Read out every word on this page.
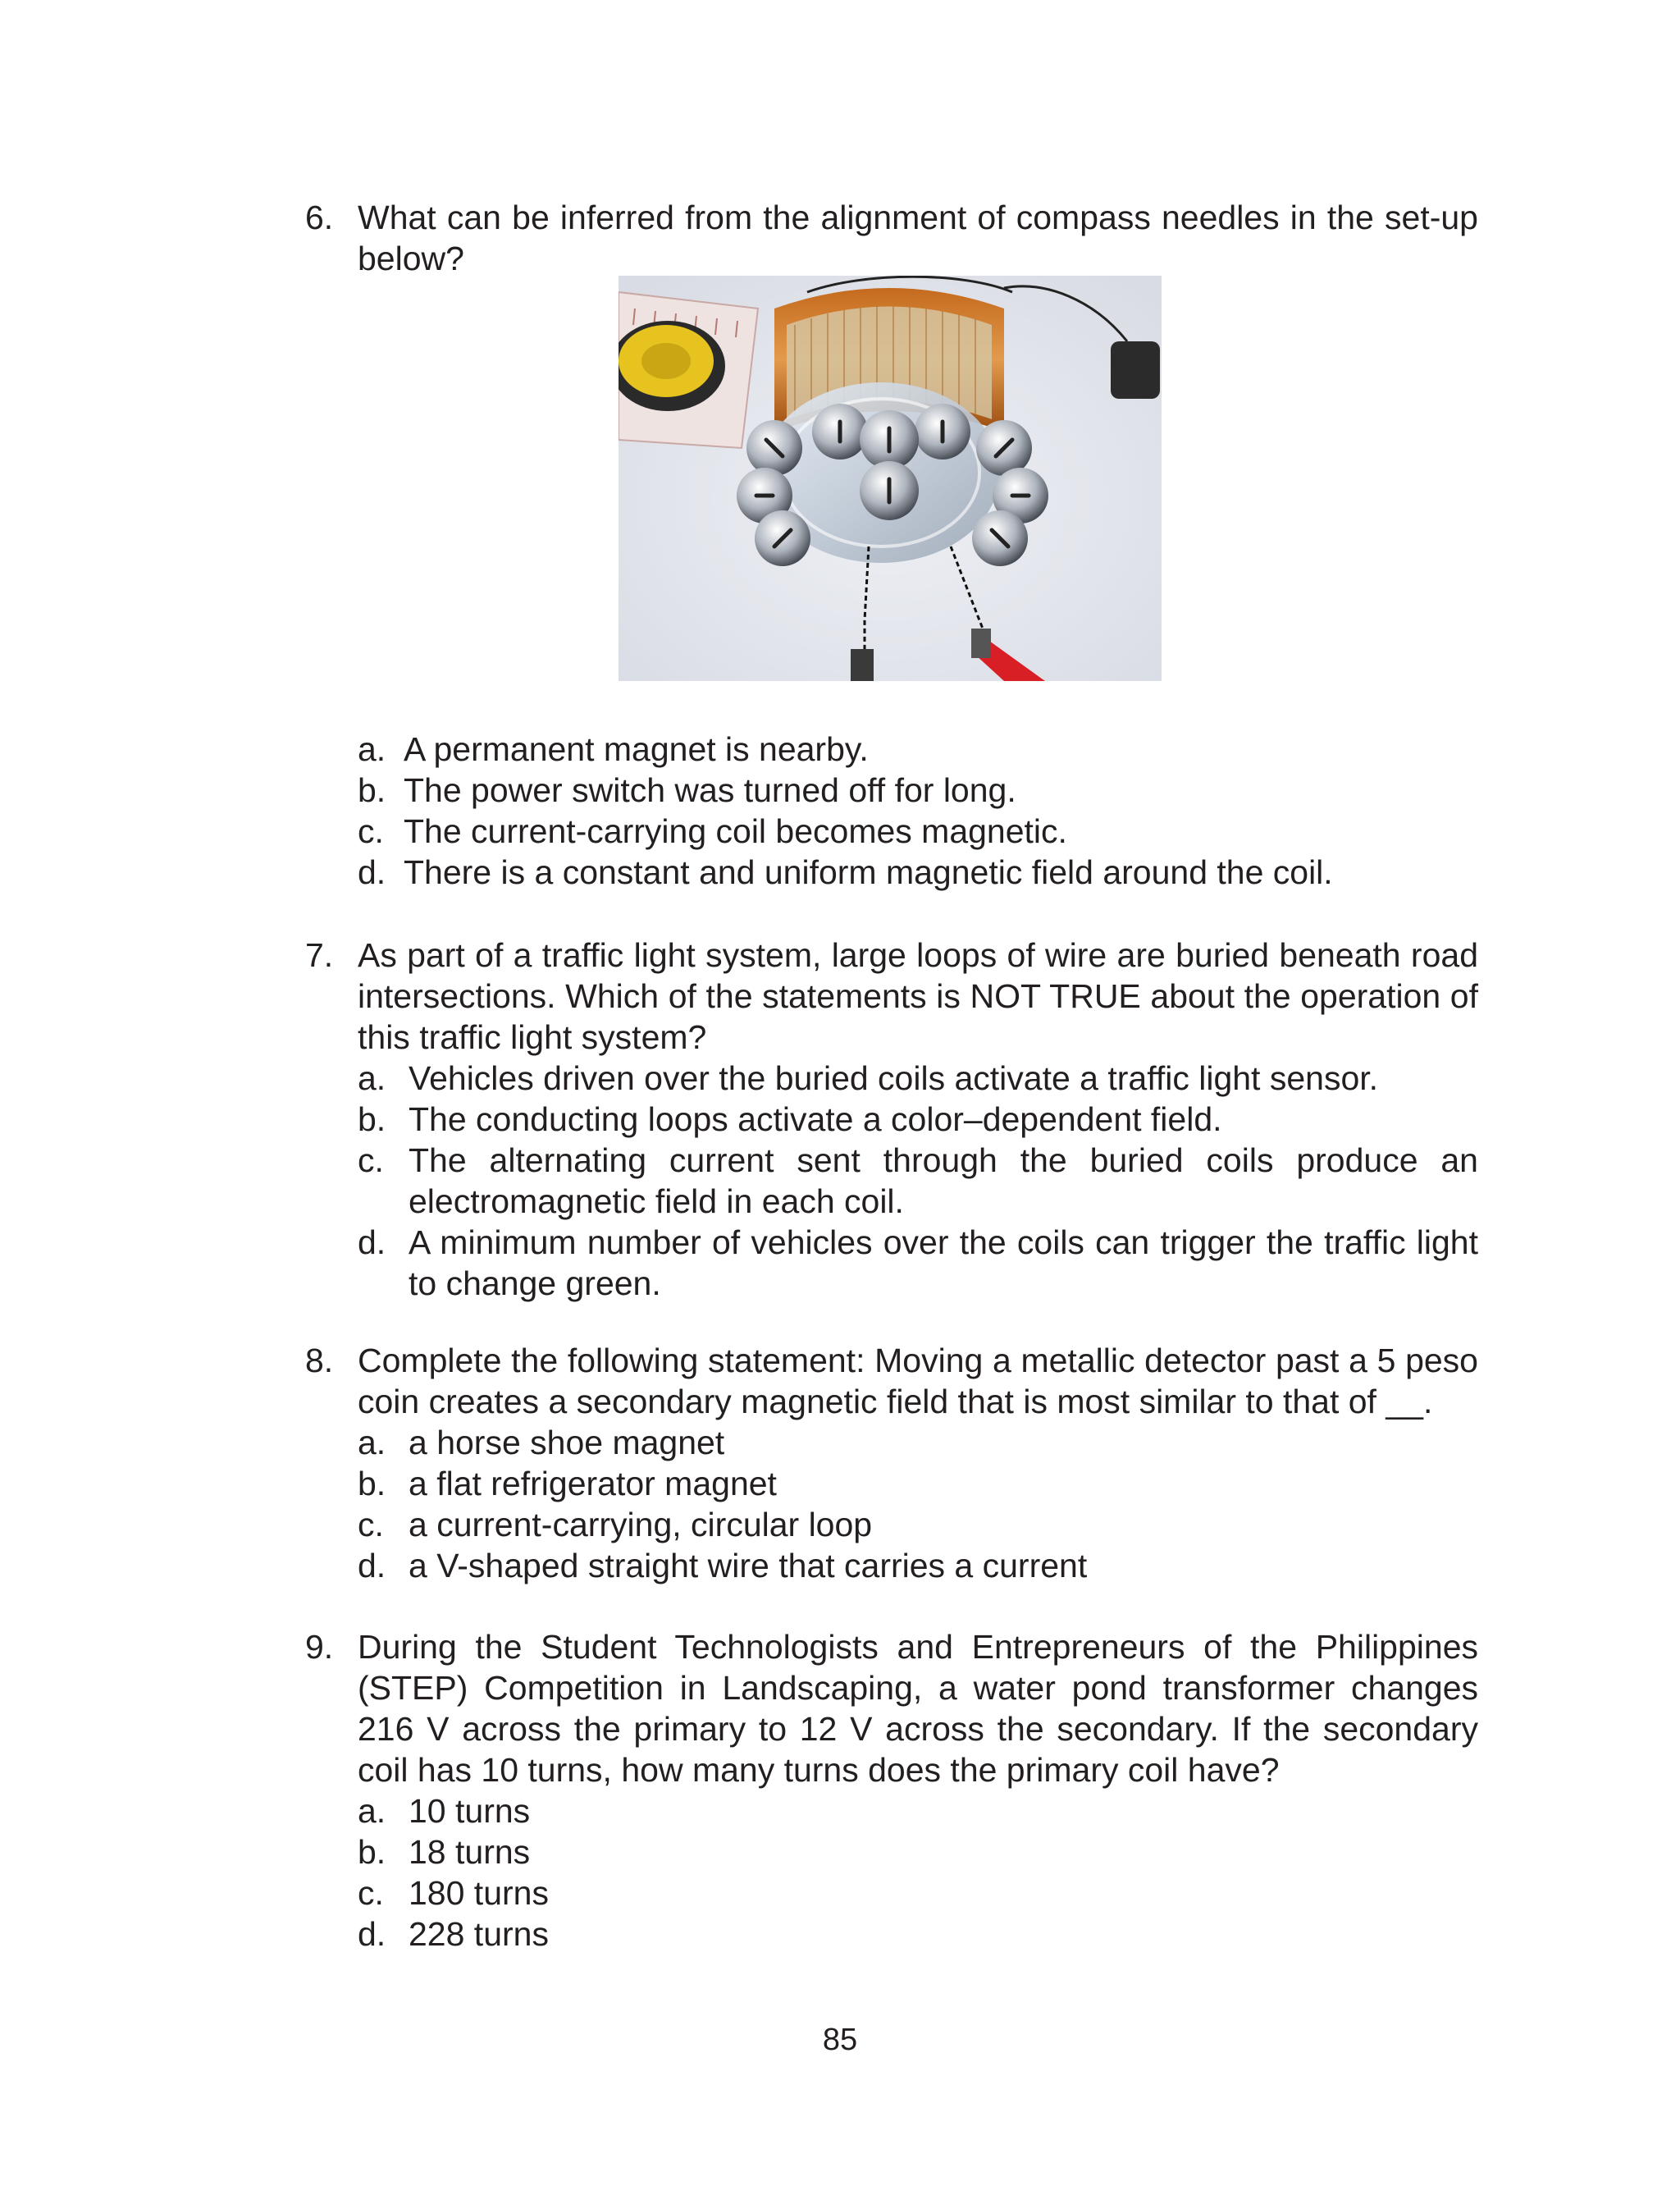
6. What can be inferred from the alignment of compass needles in the set-up below?
a. A permanent magnet is nearby.
b. The power switch was turned off for long.
c. The current-carrying coil becomes magnetic.
d. There is a constant and uniform magnetic field around the coil.
7. As part of a traffic light system, large loops of wire are buried beneath road intersections. Which of the statements is NOT TRUE about the operation of this traffic light system?
a. Vehicles driven over the buried coils activate a traffic light sensor.
b. The conducting loops activate a color–dependent field.
c. The alternating current sent through the buried coils produce an electromagnetic field in each coil.
d. A minimum number of vehicles over the coils can trigger the traffic light to change green.
8. Complete the following statement: Moving a metallic detector past a 5 peso coin creates a secondary magnetic field that is most similar to that of __.
a. a horse shoe magnet
b. a flat refrigerator magnet
c. a current-carrying, circular loop
d. a V-shaped straight wire that carries a current
9. During the Student Technologists and Entrepreneurs of the Philippines (STEP) Competition in Landscaping, a water pond transformer changes 216 V across the primary to 12 V across the secondary. If the secondary coil has 10 turns, how many turns does the primary coil have?
a. 10 turns
b. 18 turns
c. 180 turns
d. 228 turns
85
